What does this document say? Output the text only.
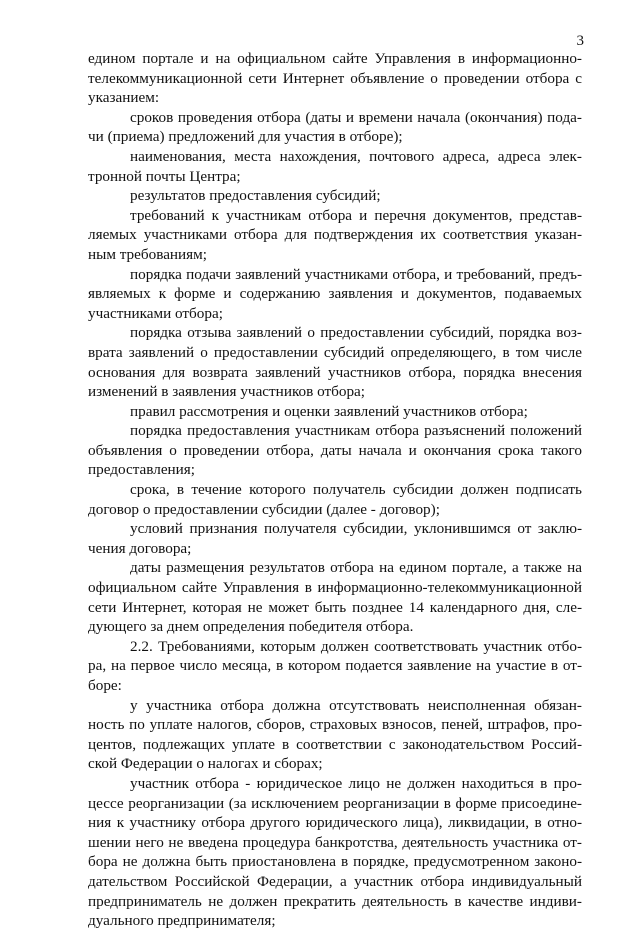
3
едином портале и на официальном сайте Управления в информационно-
телекоммуникационной сети Интернет объявление о проведении отбора с
указанием:
сроков проведения отбора (даты и времени начала (окончания) пода-
чи (приема) предложений для участия в отборе);
наименования, места нахождения, почтового адреса, адреса элек-
тронной почты Центра;
результатов предоставления субсидий;
требований к участникам отбора и перечня документов, представ-
ляемых участниками отбора для подтверждения их соответствия указан-
ным требованиям;
порядка подачи заявлений участниками отбора, и требований, предъ-
являемых к форме и содержанию заявления и документов, подаваемых
участниками отбора;
порядка отзыва заявлений о предоставлении субсидий, порядка воз-
врата заявлений о предоставлении субсидий определяющего, в том числе
основания для возврата заявлений участников отбора, порядка внесения
изменений в заявления участников отбора;
правил рассмотрения и оценки заявлений участников отбора;
порядка предоставления участникам отбора разъяснений положений
объявления о проведении отбора, даты начала и окончания срока такого
предоставления;
срока, в течение которого получатель субсидии должен подписать
договор о предоставлении субсидии (далее - договор);
условий признания получателя субсидии, уклонившимся от заклю-
чения договора;
даты размещения результатов отбора на едином портале, а также на
официальном сайте Управления в информационно-телекоммуникационной
сети Интернет, которая не может быть позднее 14 календарного дня, сле-
дующего за днем определения победителя отбора.
2.2. Требованиями, которым должен соответствовать участник отбо-
ра, на первое число месяца, в котором подается заявление на участие в от-
боре:
у участника отбора должна отсутствовать неисполненная обязан-
ность по уплате налогов, сборов, страховых взносов, пеней, штрафов, про-
центов, подлежащих уплате в соответствии с законодательством Россий-
ской Федерации о налогах и сборах;
участник отбора - юридическое лицо не должен находиться в про-
цессе реорганизации (за исключением реорганизации в форме присоедине-
ния к участнику отбора другого юридического лица), ликвидации, в отно-
шении него не введена процедура банкротства, деятельность участника от-
бора не должна быть приостановлена в порядке, предусмотренном законо-
дательством Российской Федерации, а участник отбора индивидуальный
предприниматель не должен прекратить деятельность в качестве индиви-
дуального предпринимателя;
